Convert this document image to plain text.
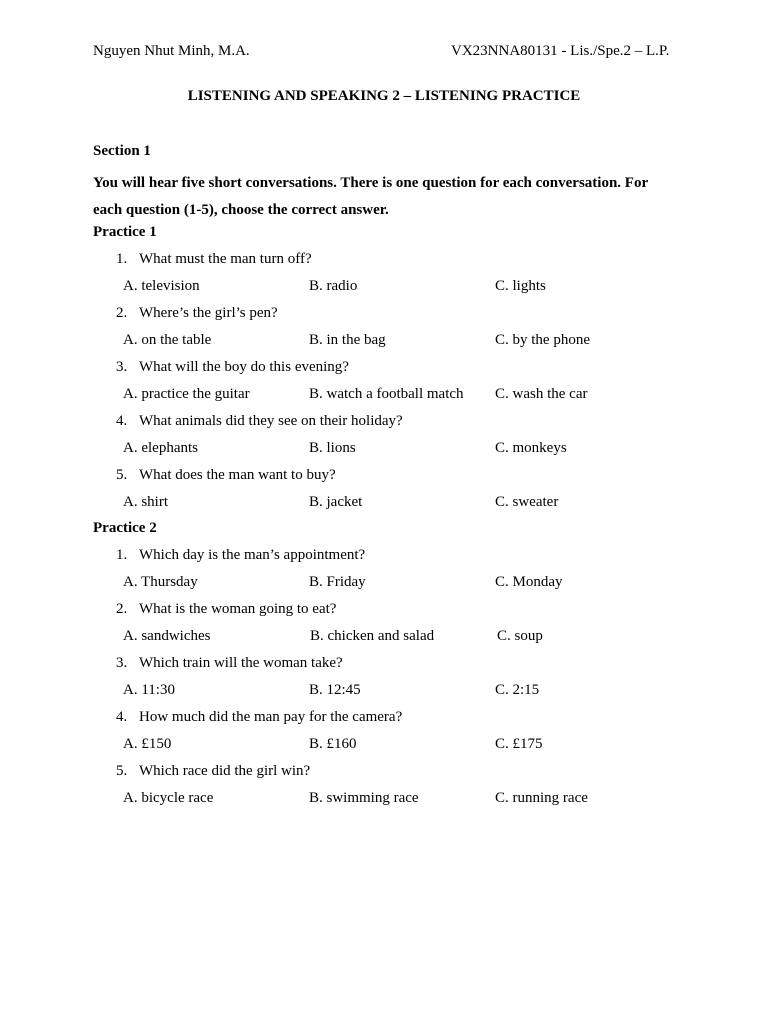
Nguyen Nhut Minh, M.A.	VX23NNA80131 - Lis./Spe.2 – L.P.
LISTENING AND SPEAKING 2 – LISTENING PRACTICE
Section 1
You will hear five short conversations. There is one question for each conversation. For each question (1-5), choose the correct answer.
Practice 1
1. What must the man turn off?
A. television	B. radio	C. lights
2. Where’s the girl’s pen?
A. on the table	B. in the bag	C. by the phone
3. What will the boy do this evening?
A. practice the guitar	B. watch a football match C. wash the car
4. What animals did they see on their holiday?
A. elephants	B. lions	C. monkeys
5. What does the man want to buy?
A. shirt	B. jacket	C. sweater
Practice 2
1. Which day is the man’s appointment?
A. Thursday	B. Friday	C. Monday
2. What is the woman going to eat?
A. sandwiches	B. chicken and salad	C. soup
3. Which train will the woman take?
A. 11:30	B. 12:45	C. 2:15
4. How much did the man pay for the camera?
A. £150	B. £160	C. £175
5. Which race did the girl win?
A. bicycle race	B. swimming race	C. running race
